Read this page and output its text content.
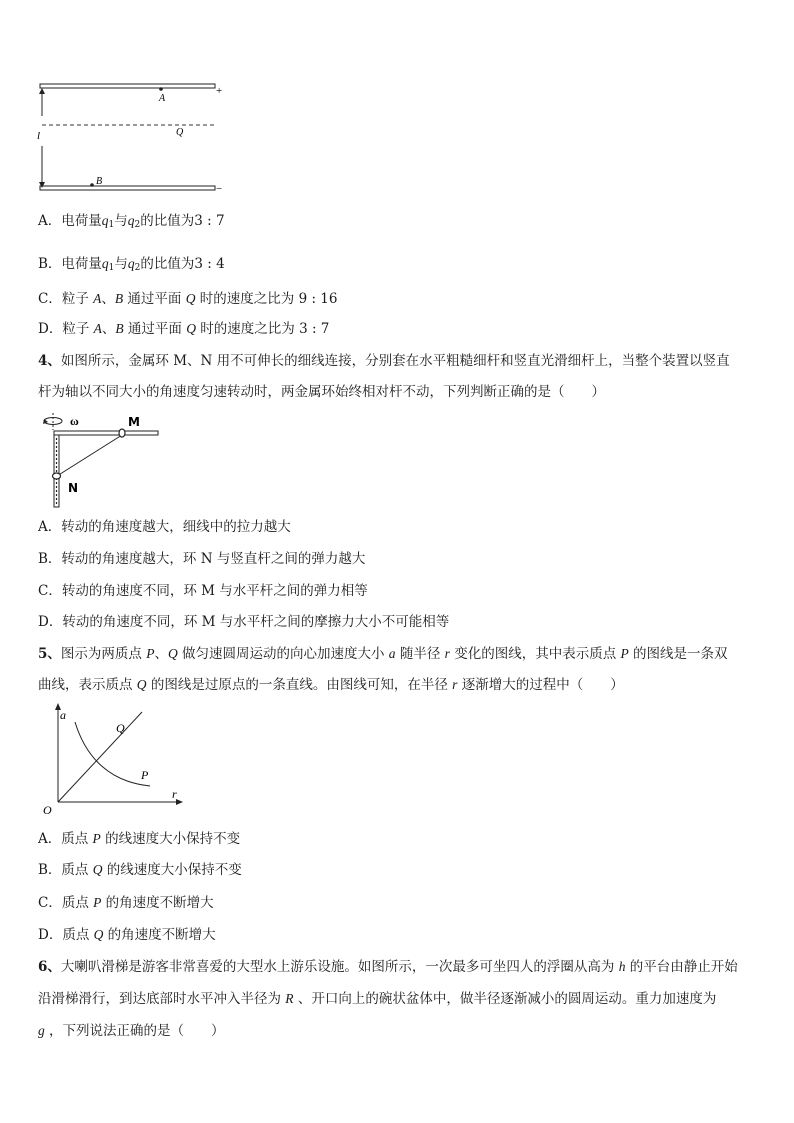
A
Q
B
l
+
−
A．电荷量$q_1$与$q_2$的比值为3 : 7
B．电荷量$q_1$与$q_2$的比值为3 : 4
C．粒子 A、B 通过平面 Q 时的速度之比为 9 : 16
D．粒子 A、B 通过平面 Q 时的速度之比为 3 : 7
4、如图所示，金属环 M、N 用不可伸长的细线连接，分别套在水平粗糙细杆和竖直光滑细杆上，当整个装置以竖直
杆为轴以不同大小的角速度匀速转动时，两金属环始终相对杆不动，下列判断正确的是（　　）
ω	M
N
A．转动的角速度越大，细线中的拉力越大
B．转动的角速度越大，环 N 与竖直杆之间的弹力越大
C．转动的角速度不同，环 M 与水平杆之间的弹力相等
D．转动的角速度不同，环 M 与水平杆之间的摩擦力大小不可能相等
5、图示为两质点 P、Q 做匀速圆周运动的向心加速度大小 a 随半径 r 变化的图线，其中表示质点 P 的图线是一条双
曲线，表示质点 Q 的图线是过原点的一条直线。由图线可知，在半径 r 逐渐增大的过程中（　　）
a
r
O
Q
P
A．质点 P 的线速度大小保持不变
B．质点 Q 的线速度大小保持不变
C．质点 P 的角速度不断增大
D．质点 Q 的角速度不断增大
6、大喇叭滑梯是游客非常喜爱的大型水上游乐设施。如图所示，一次最多可坐四人的浮圈从高为 h 的平台由静止开始
沿滑梯滑行，到达底部时水平冲入半径为 R 、开口向上的碗状盆体中，做半径逐渐减小的圆周运动。重力加速度为
g ，下列说法正确的是（　　）
